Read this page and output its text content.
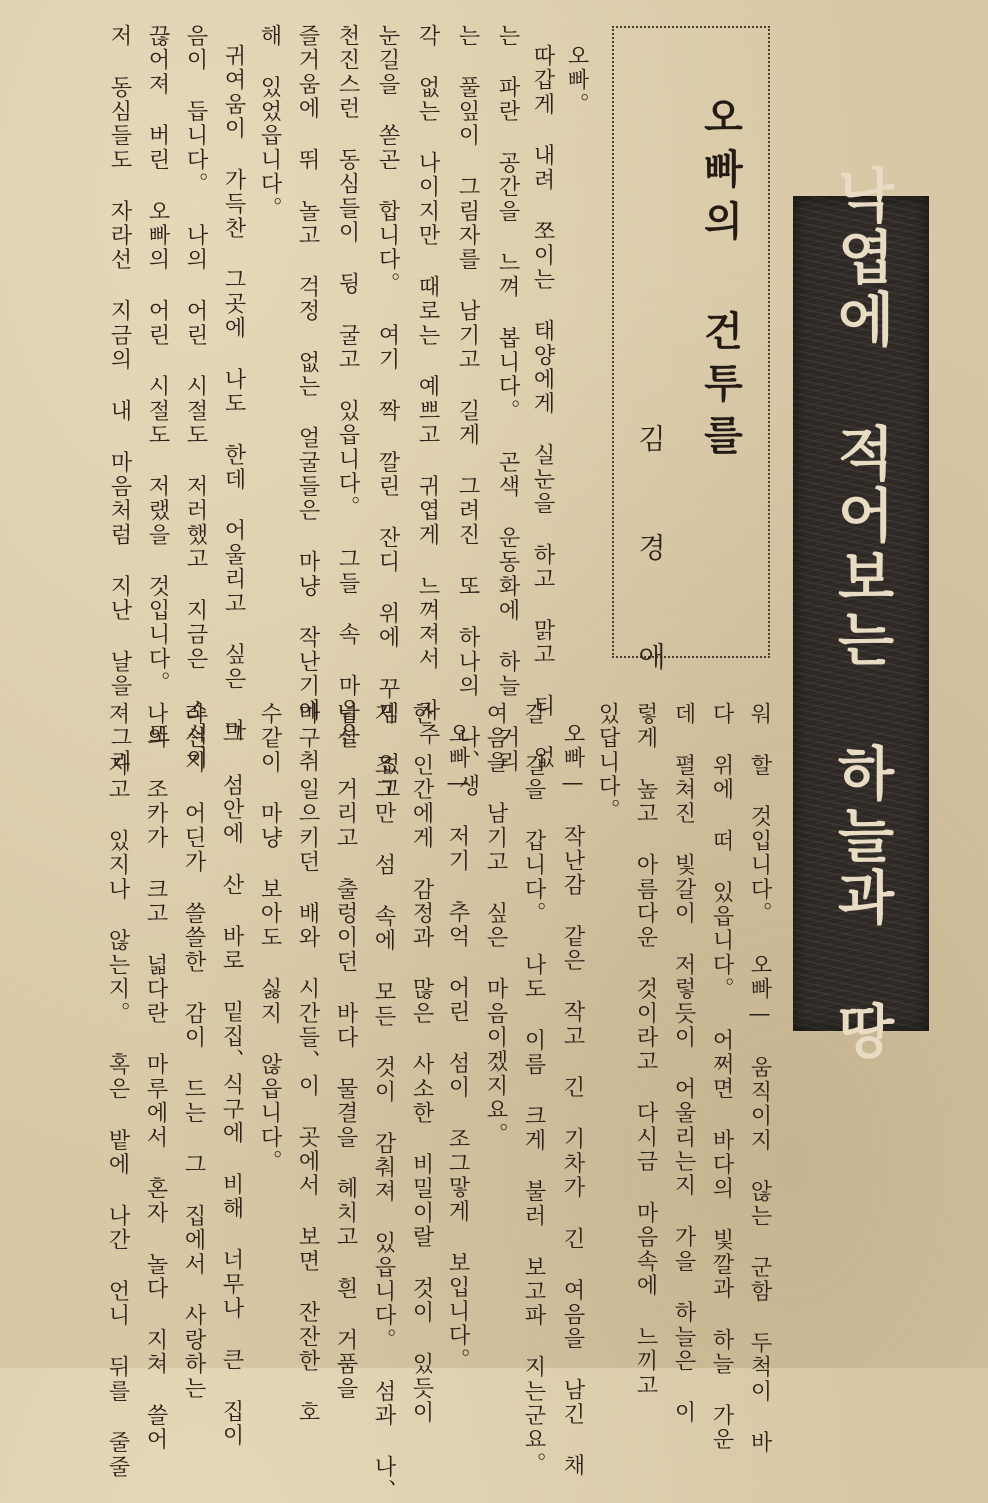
낙엽에 적어보는 하늘과 땅
오빠의 건투를
김 경 애
오빠。
따갑게 내려 쪼이는 태양에게 실눈을 하고 맑고 티 없
는 파란 공간을 느껴 봅니다。 곤색 운동화에 하늘 거리
는 풀잎이 그림자를 남기고 길게 그려진 또 하나의 나、생
각 없는 나이지만 때로는 예쁘고 귀엽게 느껴져서 자주
눈길을 쏟곤 합니다。 여기 짝 깔린 잔디 위에 꾸밈 없고
천진스런 동심들이 뒹 굴고 있읍니다。 그들 속 마음은
즐거움에 뛰 놀고 걱정 없는 얼굴들은 마냥 작난기에 취
해 있었읍니다。
귀여움이 가득찬 그곳에 나도 한데 어울리고 싶은 마
음이 듭니다。 나의 어린 시절도 저러했고 지금은 소식이
끊어져 버린 오빠의 어린 시절도 저랬을 것입니다。 또
저 동심들도 자라선 지금의 내 마음처럼 지난 날을 그리
워 할 것입니다。 오빠— 움직이지 않는 군함 두척이 바
다 위에 떠 있읍니다。 어쩌면 바다의 빛깔과 하늘 가운
데 펼쳐진 빛갈이 저렇듯이 어울리는지 가을 하늘은 이
렇게 높고 아름다운 것이라고 다시금 마음속에 느끼고
있답니다。
오빠— 작난감 같은 작고 긴 기차가 긴 여음을 남긴 채
갈 길을 갑니다。 나도 이름 크게 불러 보고파 지는군요。
여음을 남기고 싶은 마음이겠지요。
오빠— 저기 추억 어린 섬이 조그맣게 보입니다。
한 인간에게 감정과 많은 사소한 비밀이랄 것이 있듯이
저 조그만 섬 속에 모든 것이 감춰져 있읍니다。 섬과 나、
넘실 거리고 출렁이던 바다 물결을 헤치고 흰 거품을
마구 일으키던 배와 시간들、이 곳에서 보면 잔잔한 호
수같이 마냥 보아도 싫지 않읍니다。
그 섬안에 산 바로 밑집、식구에 비해 너무나 큰 집이
라선지 어딘가 쓸쓸한 감이 드는 그 집에서 사랑하는
나의 조카가 크고 넓다란 마루에서 혼자 놀다 지쳐 쓸어
져 자고 있지나 않는지。 혹은 밭에 나간 언니 뒤를 줄줄
